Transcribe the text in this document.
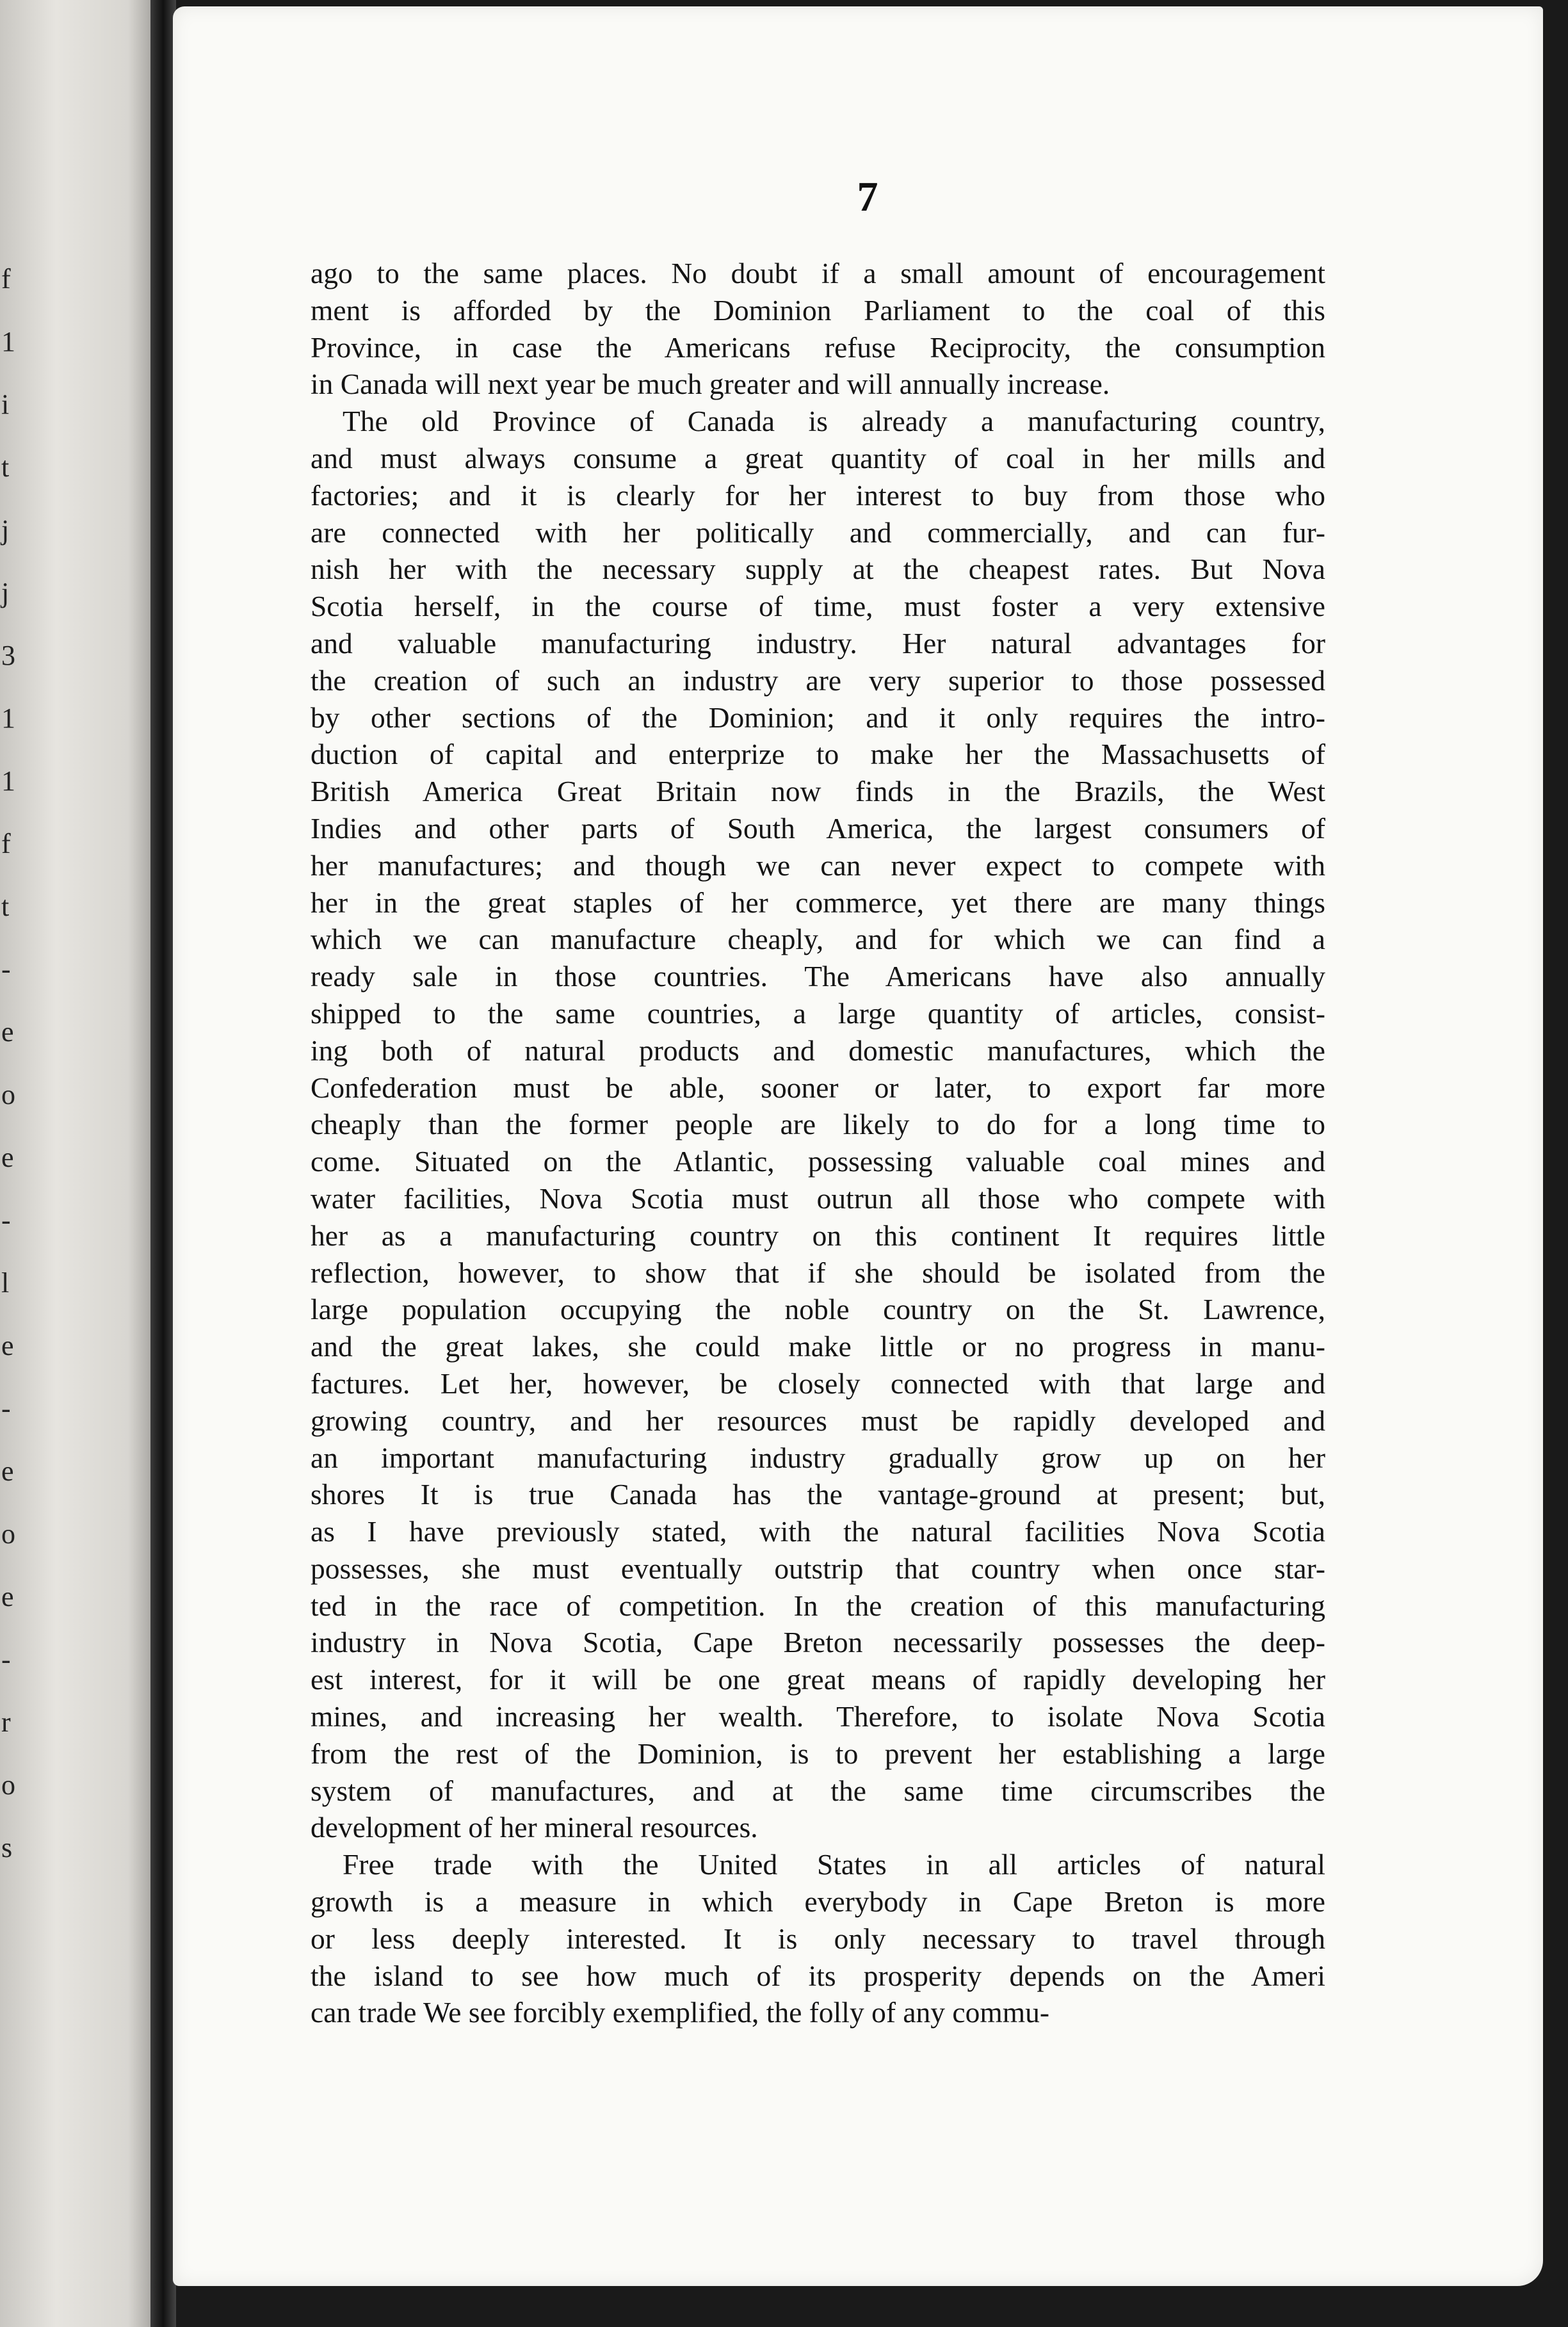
f
1
i
t
j
j
3
1
1
f
t
-
e
o
e
-
l
e
-
e
o
e
-
r
o
s
7
ago to the same places. No doubt if a small amount of encouragement
ment is afforded by the Dominion Parliament to the coal of this
Province, in case the Americans refuse Reciprocity, the consumption
in Canada will next year be much greater and will annually increase.
The old Province of Canada is already a manufacturing country,
and must always consume a great quantity of coal in her mills and
factories; and it is clearly for her interest to buy from those who
are connected with her politically and commercially, and can fur-
nish her with the necessary supply at the cheapest rates. But Nova
Scotia herself, in the course of time, must foster a very extensive
and valuable manufacturing industry. Her natural advantages for
the creation of such an industry are very superior to those possessed
by other sections of the Dominion; and it only requires the intro-
duction of capital and enterprize to make her the Massachusetts of
British America Great Britain now finds in the Brazils, the West
Indies and other parts of South America, the largest consumers of
her manufactures; and though we can never expect to compete with
her in the great staples of her commerce, yet there are many things
which we can manufacture cheaply, and for which we can find a
ready sale in those countries. The Americans have also annually
shipped to the same countries, a large quantity of articles, consist-
ing both of natural products and domestic manufactures, which the
Confederation must be able, sooner or later, to export far more
cheaply than the former people are likely to do for a long time to
come. Situated on the Atlantic, possessing valuable coal mines and
water facilities, Nova Scotia must outrun all those who compete with
her as a manufacturing country on this continent It requires little
reflection, however, to show that if she should be isolated from the
large population occupying the noble country on the St. Lawrence,
and the great lakes, she could make little or no progress in manu-
factures. Let her, however, be closely connected with that large and
growing country, and her resources must be rapidly developed and
an important manufacturing industry gradually grow up on her
shores It is true Canada has the vantage-ground at present; but,
as I have previously stated, with the natural facilities Nova Scotia
possesses, she must eventually outstrip that country when once star-
ted in the race of competition. In the creation of this manufacturing
industry in Nova Scotia, Cape Breton necessarily possesses the deep-
est interest, for it will be one great means of rapidly developing her
mines, and increasing her wealth. Therefore, to isolate Nova Scotia
from the rest of the Dominion, is to prevent her establishing a large
system of manufactures, and at the same time circumscribes the
development of her mineral resources.
Free trade with the United States in all articles of natural
growth is a measure in which everybody in Cape Breton is more
or less deeply interested. It is only necessary to travel through
the island to see how much of its prosperity depends on the Ameri
can trade We see forcibly exemplified, the folly of any commu-
